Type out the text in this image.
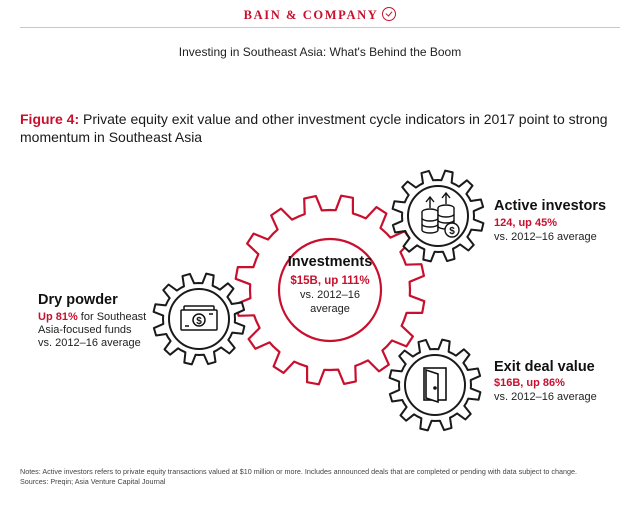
BAIN & COMPANY
Investing in Southeast Asia: What's Behind the Boom
Figure 4: Private equity exit value and other investment cycle indicators in 2017 point to strong momentum in Southeast Asia
Investments
$15B, up 111%
vs. 2012–16
average
Dry powder
Up 81% for Southeast
Asia-focused funds
vs. 2012–16 average
Active investors
124, up 45%
vs. 2012–16 average
Exit deal value
$16B, up 86%
vs. 2012–16 average
$
$
Notes: Active investors refers to private equity transactions valued at $10 million or more. Includes announced deals that are completed or pending with data subject to change.
Sources: Preqin; Asia Venture Capital Journal
